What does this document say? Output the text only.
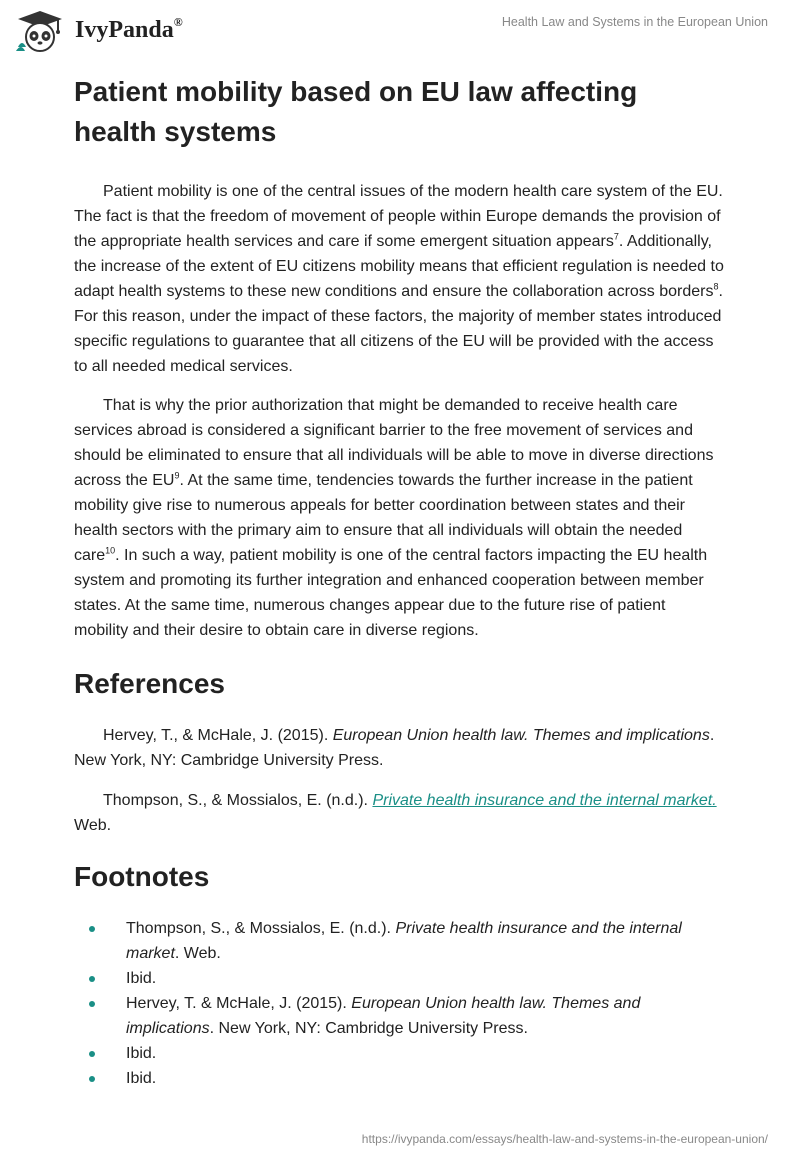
IvyPanda®	Health Law and Systems in the European Union
Patient mobility based on EU law affecting health systems

Patient mobility is one of the central issues of the modern health care system of the EU. The fact is that the freedom of movement of people within Europe demands the provision of the appropriate health services and care if some emergent situation appears$^7$. Additionally, the increase of the extent of EU citizens mobility means that efficient regulation is needed to adapt health systems to these new conditions and ensure the collaboration across borders$^8$. For this reason, under the impact of these factors, the majority of member states introduced specific regulations to guarantee that all citizens of the EU will be provided with the access to all needed medical services.

That is why the prior authorization that might be demanded to receive health care services abroad is considered a significant barrier to the free movement of services and should be eliminated to ensure that all individuals will be able to move in diverse directions across the EU$^9$. At the same time, tendencies towards the further increase in the patient mobility give rise to numerous appeals for better coordination between states and their health sectors with the primary aim to ensure that all individuals will obtain the needed care$^{10}$. In such a way, patient mobility is one of the central factors impacting the EU health system and promoting its further integration and enhanced cooperation between member states. At the same time, numerous changes appear due to the future rise of patient mobility and their desire to obtain care in diverse regions.

References

Hervey, T., & McHale, J. (2015). European Union health law. Themes and implications. New York, NY: Cambridge University Press.

Thompson, S., & Mossialos, E. (n.d.). Private health insurance and the internal market. Web.

Footnotes
Thompson, S., & Mossialos, E. (n.d.). Private health insurance and the internal market. Web.
Ibid.
Hervey, T. & McHale, J. (2015). European Union health law. Themes and implications. New York, NY: Cambridge University Press.
Ibid.
Ibid.
https://ivypanda.com/essays/health-law-and-systems-in-the-european-union/
